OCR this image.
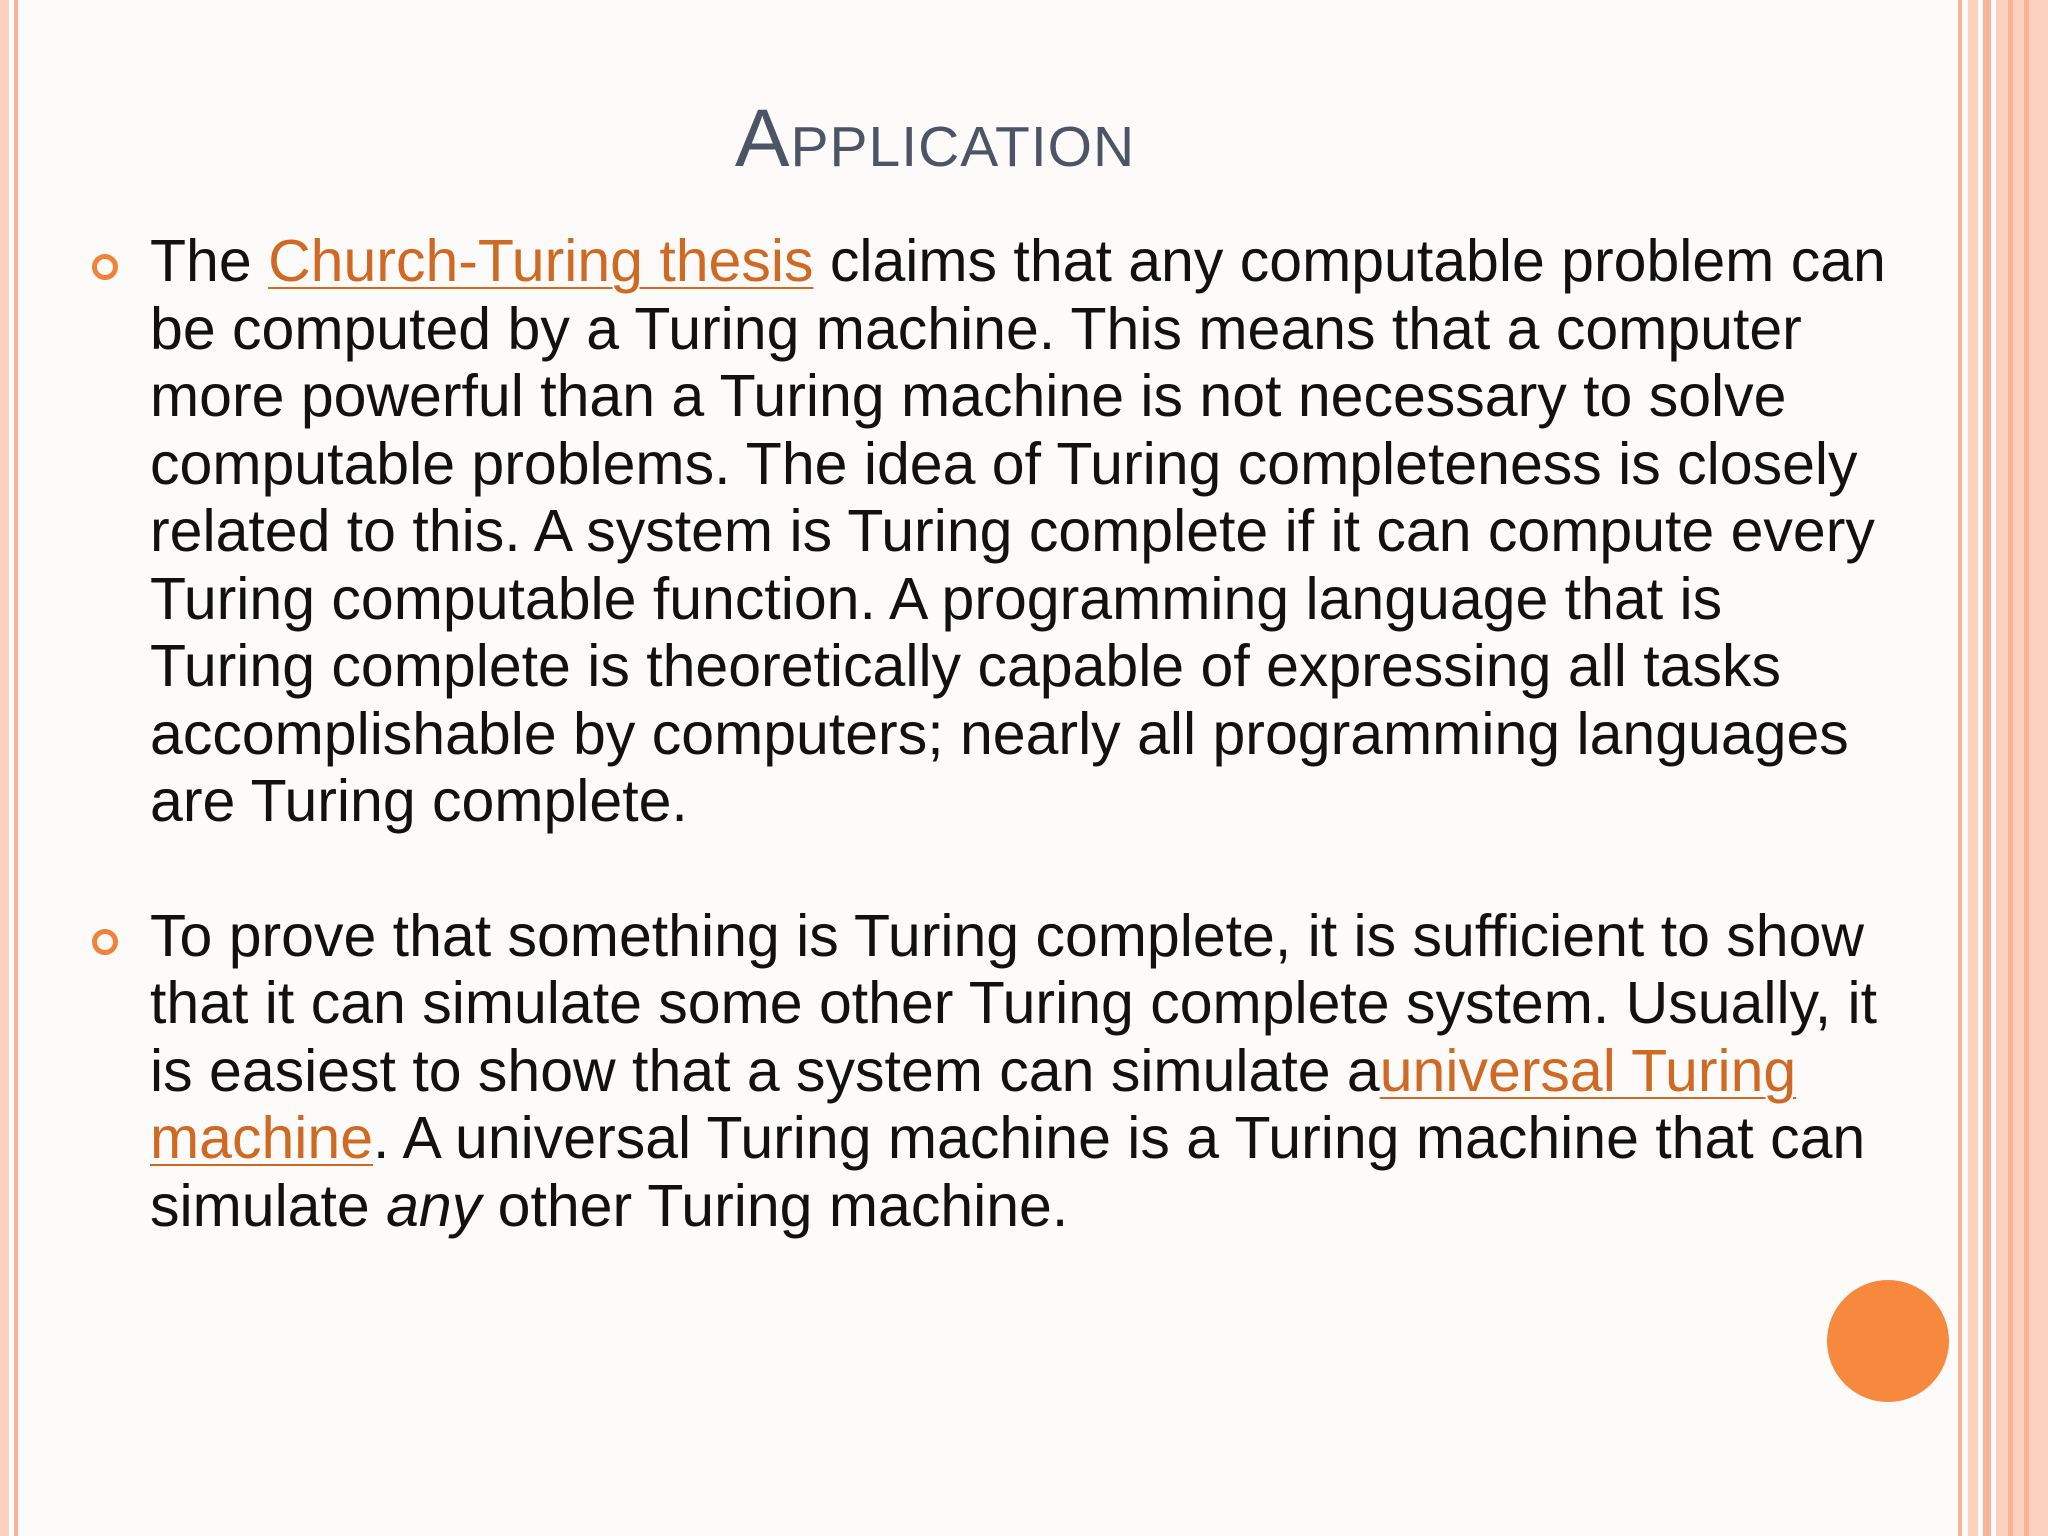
Application

The Church-Turing thesis claims that any computable problem can be computed by a Turing machine. This means that a computer more powerful than a Turing machine is not necessary to solve computable problems. The idea of Turing completeness is closely related to this. A system is Turing complete if it can compute every Turing computable function. A programming language that is Turing complete is theoretically capable of expressing all tasks accomplishable by computers; nearly all programming languages are Turing complete.

To prove that something is Turing complete, it is sufficient to show that it can simulate some other Turing complete system. Usually, it is easiest to show that a system can simulate auniversal Turing machine. A universal Turing machine is a Turing machine that can simulate any other Turing machine.
